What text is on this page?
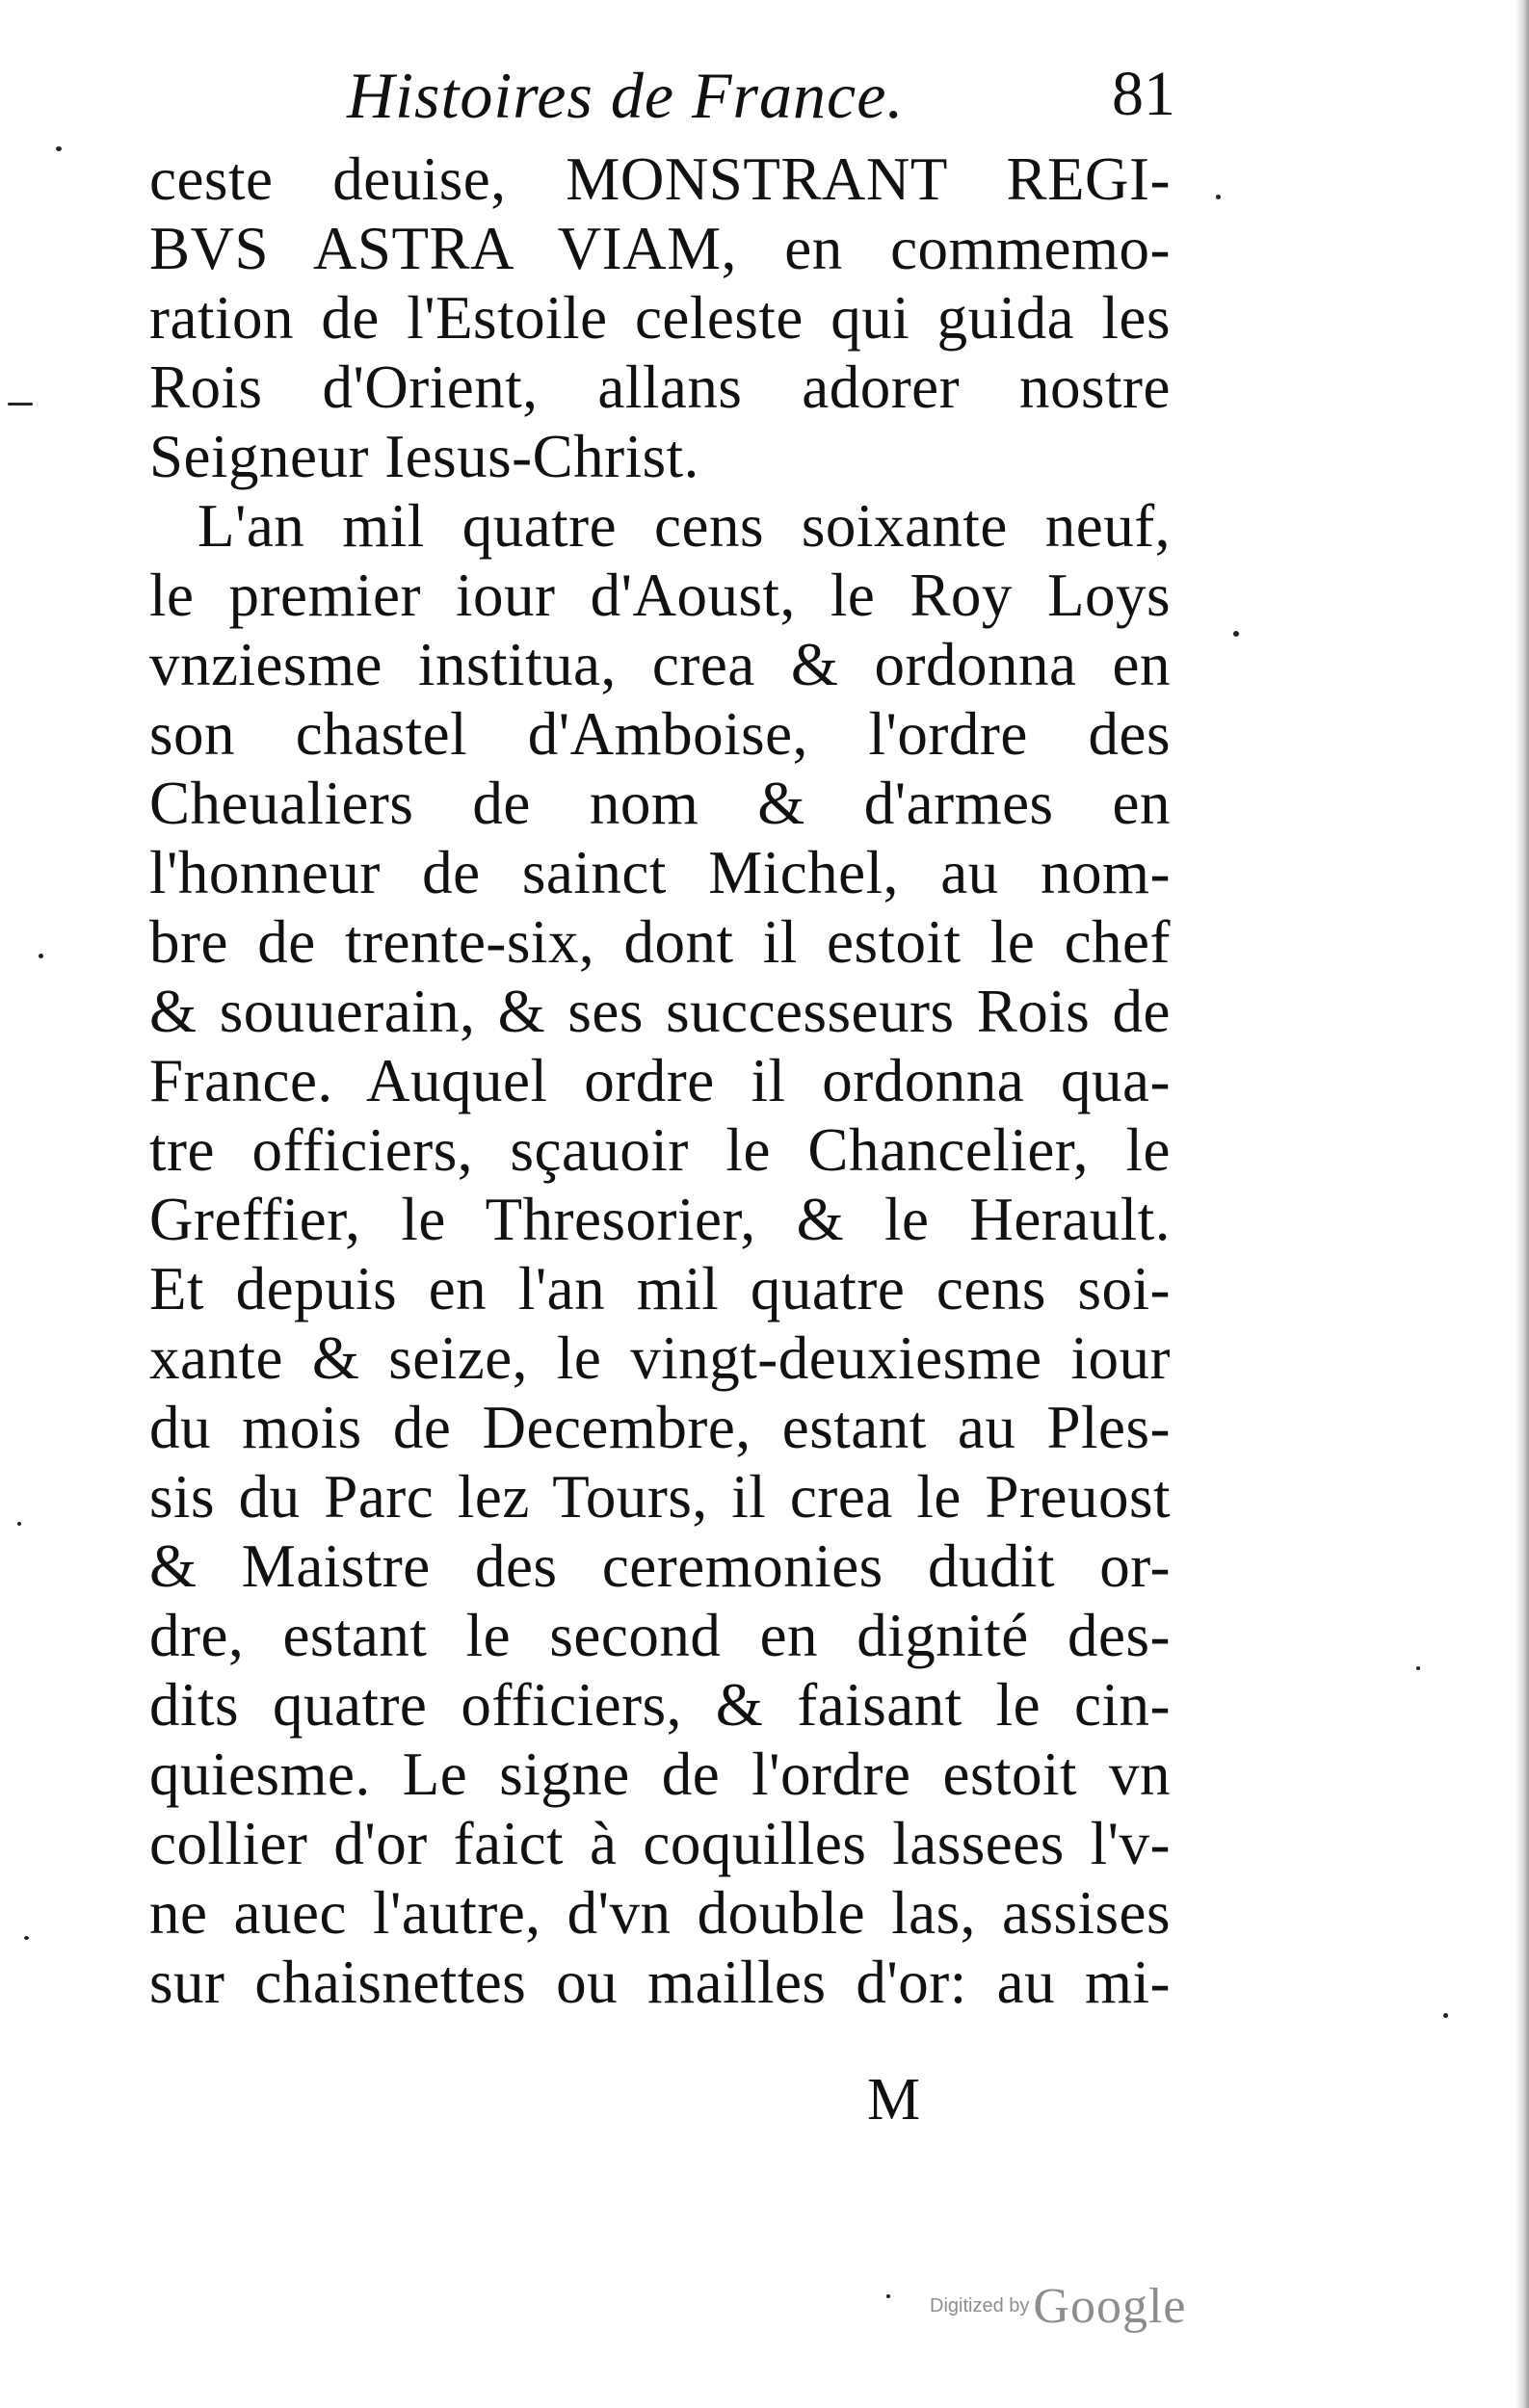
Histoires de France.	81
ceste deuise, MONSTRANT REGI-
BVS ASTRA VIAM, en commemo-
ration de l'Estoile celeste qui guida les
Rois d'Orient, allans adorer nostre
Seigneur Iesus-Christ.
L'an mil quatre cens soixante neuf,
le premier iour d'Aoust, le Roy Loys
vnziesme institua, crea & ordonna en
son chastel d'Amboise, l'ordre des
Cheualiers de nom & d'armes en
l'honneur de sainct Michel, au nom-
bre de trente-six, dont il estoit le chef
& souuerain, & ses successeurs Rois de
France. Auquel ordre il ordonna qua-
tre officiers, sçauoir le Chancelier, le
Greffier, le Thresorier, & le Herault.
Et depuis en l'an mil quatre cens soi-
xante & seize, le vingt-deuxiesme iour
du mois de Decembre, estant au Ples-
sis du Parc lez Tours, il crea le Preuost
& Maistre des ceremonies dudit or-
dre, estant le second en dignité des-
dits quatre officiers, & faisant le cin-
quiesme. Le signe de l'ordre estoit vn
collier d'or faict à coquilles lassees l'v-
ne auec l'autre, d'vn double las, assises
sur chaisnettes ou mailles d'or: au mi-
M
Digitized by Google
